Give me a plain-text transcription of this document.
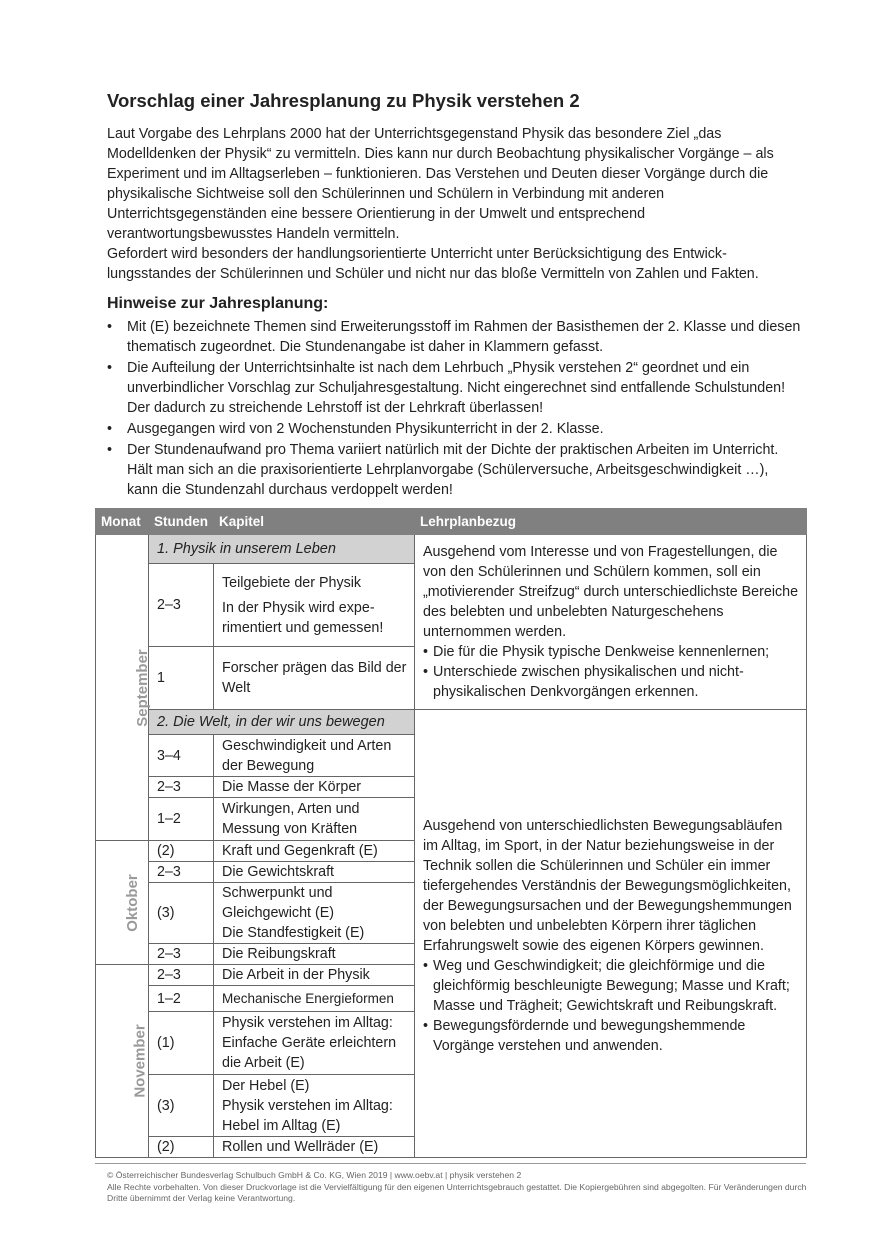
Vorschlag einer Jahresplanung zu Physik verstehen 2

Laut Vorgabe des Lehrplans 2000 hat der Unterrichtsgegenstand Physik das besondere Ziel „das Modelldenken der Physik“ zu vermitteln. Dies kann nur durch Beobachtung physikalischer Vorgänge – als Experiment und im Alltagserleben – funktionieren. Das Verstehen und Deuten dieser Vorgänge durch die physikalische Sichtweise soll den Schülerinnen und Schülern in Verbindung mit anderen Unterrichtsgegenständen eine bessere Orientierung in der Umwelt und entsprechend verantwortungsbewusstes Handeln vermitteln.

Gefordert wird besonders der handlungsorientierte Unterricht unter Berücksichtigung des Entwicklungsstandes der Schülerinnen und Schüler und nicht nur das bloße Vermitteln von Zahlen und Fakten.

Hinweise zur Jahresplanung:
• Mit (E) bezeichnete Themen sind Erweiterungsstoff im Rahmen der Basisthemen der 2. Klasse und diesen thematisch zugeordnet. Die Stundenangabe ist daher in Klammern gefasst.
• Die Aufteilung der Unterrichtsinhalte ist nach dem Lehrbuch „Physik verstehen 2“ geordnet und ein unverbindlicher Vorschlag zur Schuljahresgestaltung. Nicht eingerechnet sind entfallende Schulstunden! Der dadurch zu streichende Lehrstoff ist der Lehrkraft überlassen!
• Ausgegangen wird von 2 Wochenstunden Physikunterricht in der 2. Klasse.
• Der Stundenaufwand pro Thema variiert natürlich mit der Dichte der praktischen Arbeiten im Unterricht. Hält man sich an die praxisorientierte Lehrplanvorgabe (Schülerversuche, Arbeitsgeschwindigkeit …), kann die Stundenzahl durchaus verdoppelt werden!
Monat	Stunden	Kapitel	Lehrplanbezug
September	1. Physik in unserem Leben		Ausgehend vom Interesse und von Fragestellungen, die von den Schülerinnen und Schülern kommen, soll ein „motivierender Streifzug“ durch unterschiedlichste Bereiche des belebten und unbelebten Naturgeschehens unternommen werden.

• Die für die Physik typische Denkweise kennenlernen;
• Unterschiede zwischen physikalischen und nicht-physikalischen Denkvorgängen erkennen.

	2–3	Teilgebiete der Physik
In der Physik wird experimentiert und gemessen!	

	1	Forscher prägen das Bild der Welt	
	2. Die Welt, in der wir uns bewegen		Ausgehend von unterschiedlichsten Bewegungsabläufen im Alltag, im Sport, in der Natur beziehungsweise in der Technik sollen die Schülerinnen und Schüler ein immer tiefergehendes Verständnis der Bewegungsmöglichkeiten, der Bewegungsursachen und der Bewegungshemmungen von belebten und unbelebten Körpern ihrer täglichen Erfahrungswelt sowie des eigenen Körpers gewinnen.

• Weg und Geschwindigkeit; die gleichförmige und die gleichförmig beschleunigte Bewegung; Masse und Kraft; Masse und Trägheit; Gewichtskraft und Reibungskraft.
• Bewegungsfördernde und bewegungshemmende Vorgänge verstehen und anwenden.

	3–4	Geschwindigkeit und Arten der Bewegung	
	2–3	Die Masse der Körper	
	1–2	Wirkungen, Arten und Messung von Kräften	
Oktober	(2)	Kraft und Gegenkraft (E)	
	2–3	Die Gewichtskraft	
	(3)	Schwerpunkt und Gleichgewicht (E)
Die Standfestigkeit (E)	
	2–3	Die Reibungskraft	
November	2–3	Die Arbeit in der Physik	
	1–2	Mechanische Energieformen	
	(1)	Physik verstehen im Alltag: Einfache Geräte erleichtern die Arbeit (E)	
	(3)	Der Hebel (E)
Physik verstehen im Alltag: Hebel im Alltag (E)	
	(2)	Rollen und Wellräder (E)	
© Österreichischer Bundesverlag Schulbuch GmbH & Co. KG, Wien 2019 | www.oebv.at | physik verstehen 2
Alle Rechte vorbehalten. Von dieser Druckvorlage ist die Vervielfältigung für den eigenen Unterrichtsgebrauch gestattet. Die Kopiergebühren sind abgegolten. Für Veränderungen durch Dritte übernimmt der Verlag keine Verantwortung.
